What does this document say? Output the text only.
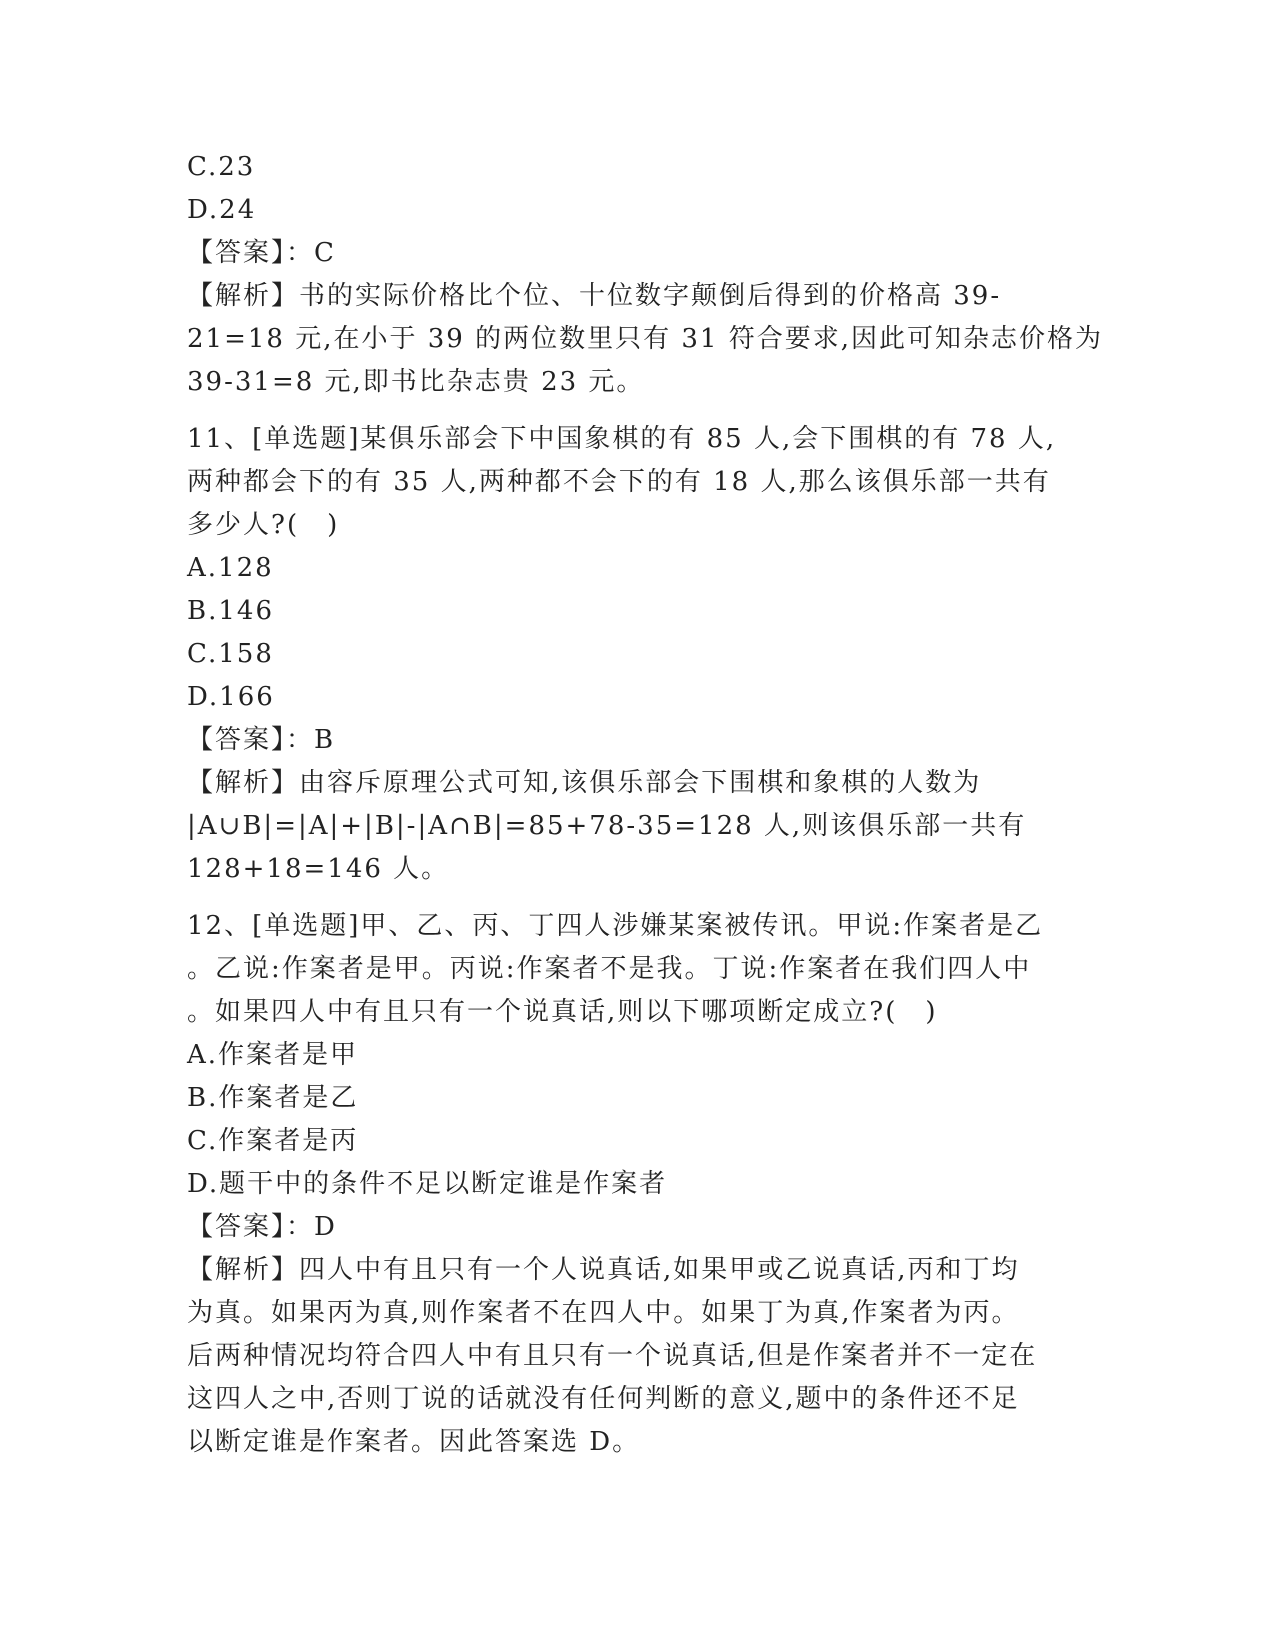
C.23
D.24
【答案】：C
【解析】书的实际价格比个位、十位数字颠倒后得到的价格高 39-
21=18 元,在小于 39 的两位数里只有 31 符合要求,因此可知杂志价格为
39-31=8 元,即书比杂志贵 23 元。
11、[单选题]某俱乐部会下中国象棋的有 85 人,会下围棋的有 78 人,
两种都会下的有 35 人,两种都不会下的有 18 人,那么该俱乐部一共有
多少人?(　)
A.128
B.146
C.158
D.166
【答案】：B
【解析】由容斥原理公式可知,该俱乐部会下围棋和象棋的人数为
|A∪B|=|A|+|B|-|A∩B|=85+78-35=128 人,则该俱乐部一共有
128+18=146 人。
12、[单选题]甲、乙、丙、丁四人涉嫌某案被传讯。甲说:作案者是乙
。乙说:作案者是甲。丙说:作案者不是我。丁说:作案者在我们四人中
。如果四人中有且只有一个说真话,则以下哪项断定成立?(　)
A.作案者是甲
B.作案者是乙
C.作案者是丙
D.题干中的条件不足以断定谁是作案者
【答案】：D
【解析】四人中有且只有一个人说真话,如果甲或乙说真话,丙和丁均
为真。如果丙为真,则作案者不在四人中。如果丁为真,作案者为丙。
后两种情况均符合四人中有且只有一个说真话,但是作案者并不一定在
这四人之中,否则丁说的话就没有任何判断的意义,题中的条件还不足
以断定谁是作案者。因此答案选 D。
